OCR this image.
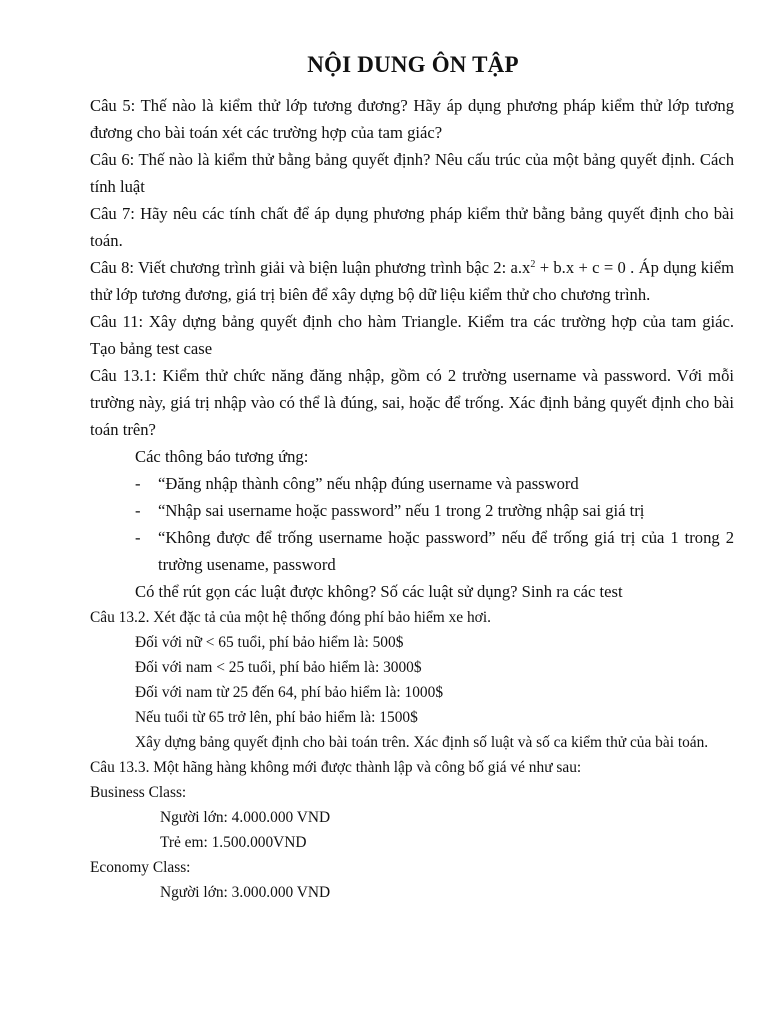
NỘI DUNG ÔN TẬP

Câu 5: Thế nào là kiểm thử lớp tương đương? Hãy áp dụng phương pháp kiểm thử lớp tương đương cho bài toán xét các trường hợp của tam giác?

Câu 6: Thế nào là kiểm thử bằng bảng quyết định? Nêu cấu trúc của một bảng quyết định. Cách tính luật

Câu 7: Hãy nêu các tính chất để áp dụng phương pháp kiểm thử bằng bảng quyết định cho bài toán.

Câu 8: Viết chương trình giải và biện luận phương trình bậc 2: $a.x^2 + b.x + c = 0$ . Áp dụng kiểm thử lớp tương đương, giá trị biên để xây dựng bộ dữ liệu kiểm thử cho chương trình.

Câu 11: Xây dựng bảng quyết định cho hàm Triangle. Kiểm tra các trường hợp của tam giác. Tạo bảng test case

Câu 13.1: Kiểm thử chức năng đăng nhập, gồm có 2 trường username và password. Với mỗi trường này, giá trị nhập vào có thể là đúng, sai, hoặc để trống. Xác định bảng quyết định cho bài toán trên?

Các thông báo tương ứng:

- “Đăng nhập thành công” nếu nhập đúng username và password
- “Nhập sai username hoặc password” nếu 1 trong 2 trường nhập sai giá trị
- “Không được để trống username hoặc password” nếu để trống giá trị của 1 trong 2 trường usename, password

Có thể rút gọn các luật được không? Số các luật sử dụng? Sinh ra các test

Câu 13.2. Xét đặc tả của một hệ thống đóng phí bảo hiểm xe hơi.

Đối với nữ < 65 tuổi, phí bảo hiểm là: 500$

Đối với nam < 25 tuổi, phí bảo hiểm là: 3000$

Đối với nam từ 25 đến 64, phí bảo hiểm là: 1000$

Nếu tuổi từ 65 trở lên, phí bảo hiểm là: 1500$

Xây dựng bảng quyết định cho bài toán trên. Xác định số luật và số ca kiểm thử của bài toán.

Câu 13.3. Một hãng hàng không mới được thành lập và công bố giá vé như sau:

Business Class:

Người lớn: 4.000.000 VND

Trẻ em: 1.500.000VND

Economy Class:

Người lớn: 3.000.000 VND
